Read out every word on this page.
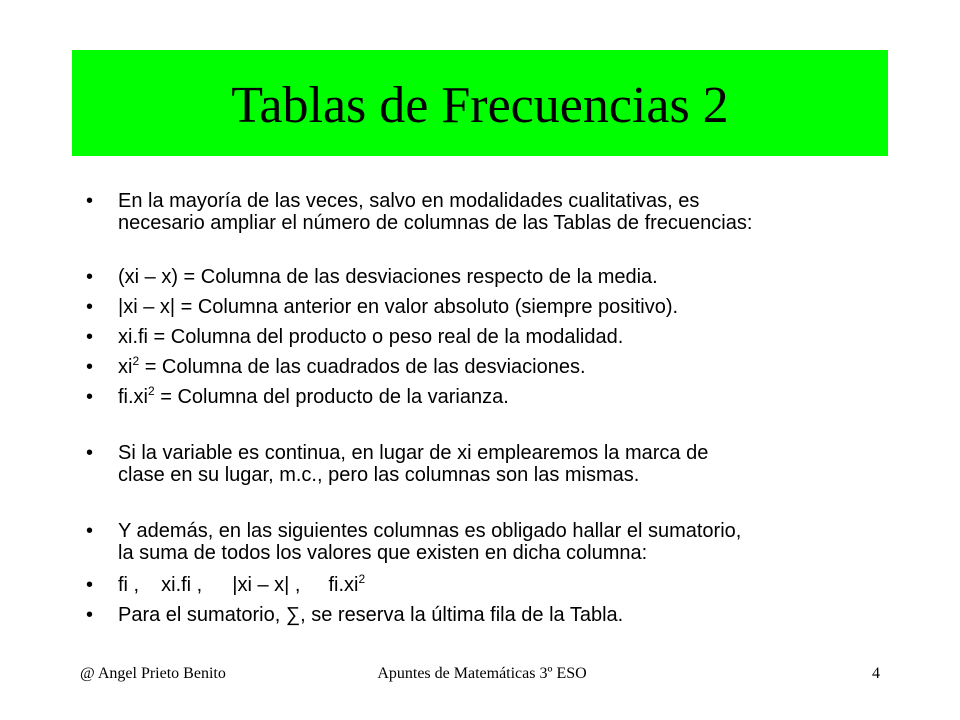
Tablas de Frecuencias 2
•	En la mayoría de las veces, salvo en modalidades cualitativas, es
necesario ampliar el número de columnas de las Tablas de frecuencias:
•	(xi – x) = Columna de las desviaciones respecto de la media.
•	|xi – x| = Columna anterior en valor absoluto (siempre positivo).
•	xi.fi = Columna del producto o peso real de la modalidad.
•	$xi^2$ = Columna de las cuadrados de las desviaciones.
•	$fi.xi^2$ = Columna del producto de la varianza.
•	Si la variable es continua, en lugar de xi emplearemos la marca de
clase en su lugar, m.c., pero las columnas son las mismas.
•	Y además, en las siguientes columnas es obligado hallar el sumatorio,
la suma de todos los valores que existen en dicha columna:
•	fi , xi.fi , |xi – x| , $fi.xi^2$
•	Para el sumatorio, ∑, se reserva la última fila de la Tabla.
@ Angel Prieto Benito	Apuntes de Matemáticas 3º ESO	4
